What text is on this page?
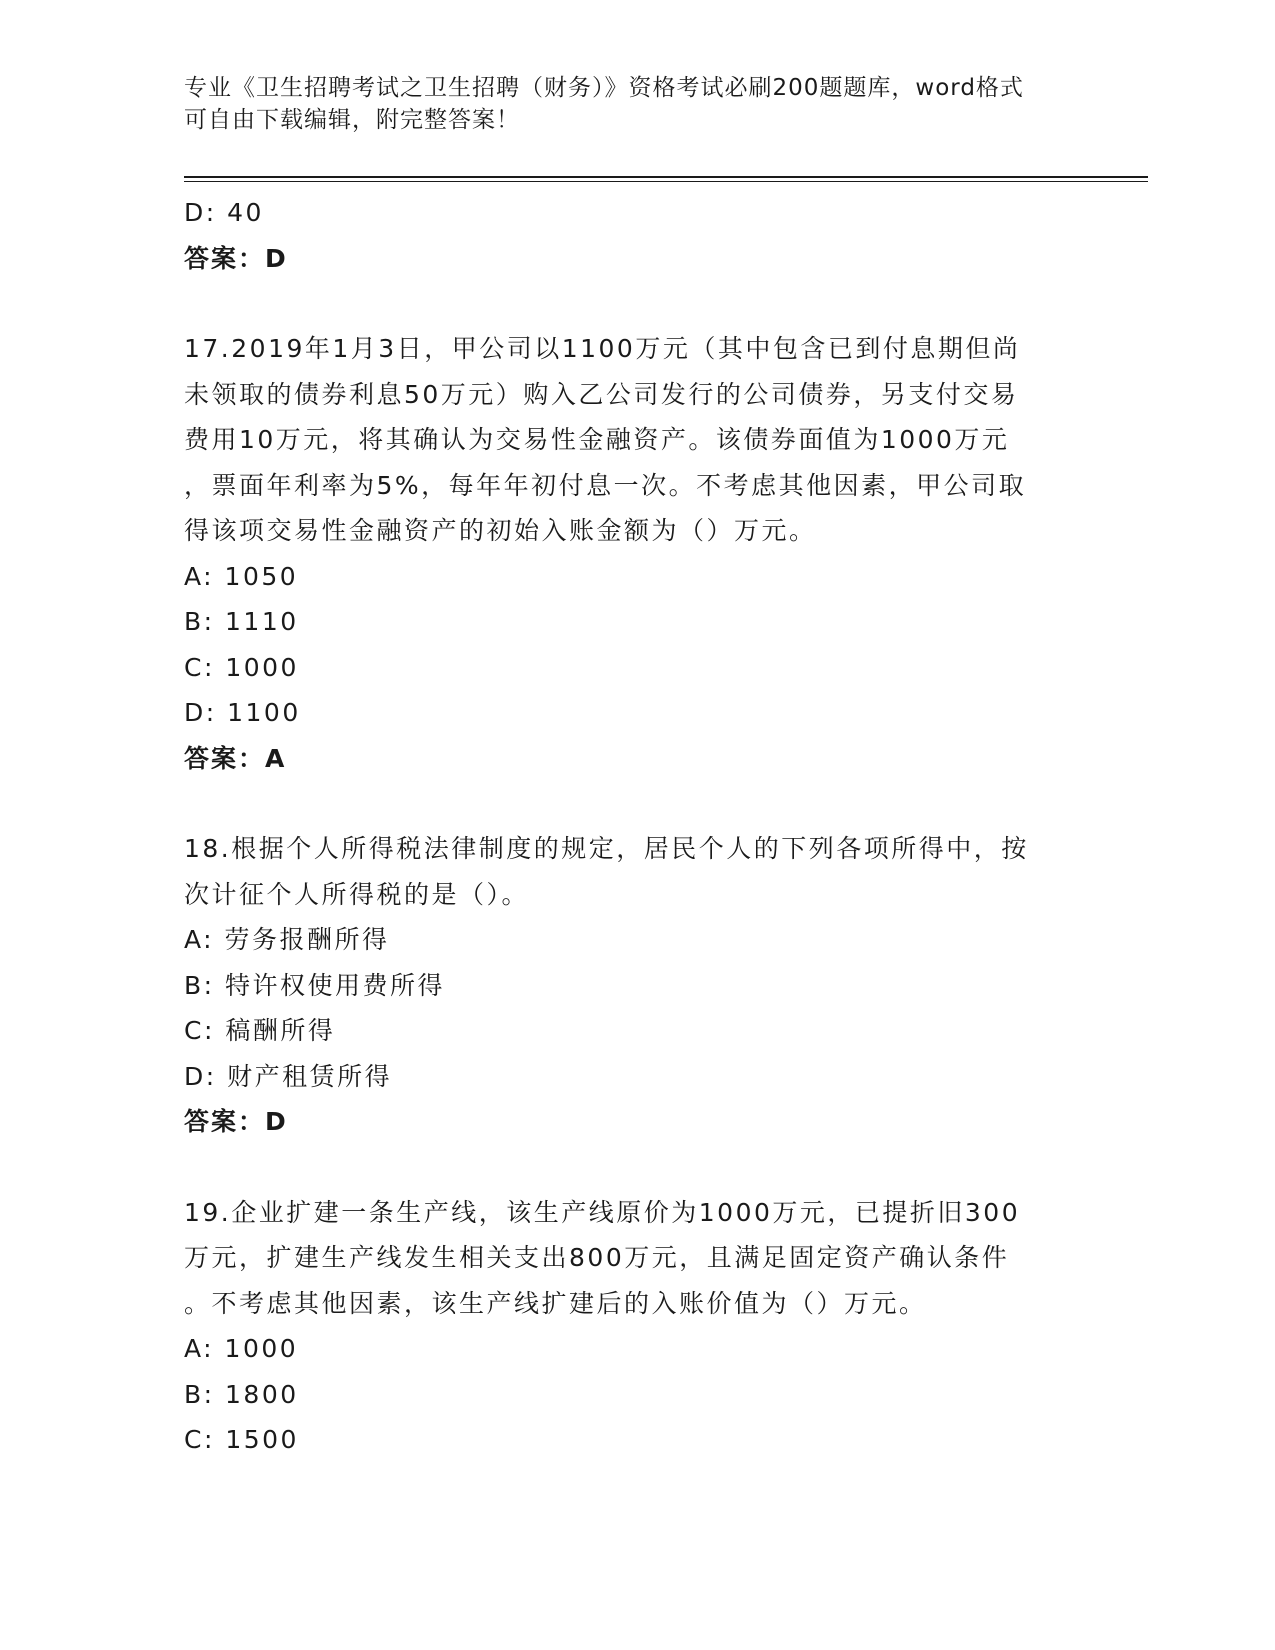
专业《卫生招聘考试之卫生招聘（财务）》资格考试必刷200题题库，word格式
可自由下载编辑，附完整答案！
D: 40
答案：D
17.2019年1月3日，甲公司以1100万元（其中包含已到付息期但尚
未领取的债券利息50万元）购入乙公司发行的公司债券，另支付交易
费用10万元，将其确认为交易性金融资产。该债券面值为1000万元
，票面年利率为5%，每年年初付息一次。不考虑其他因素，甲公司取
得该项交易性金融资产的初始入账金额为（）万元。
A: 1050
B: 1110
C: 1000
D: 1100
答案：A
18.根据个人所得税法律制度的规定，居民个人的下列各项所得中，按
次计征个人所得税的是（）。
A: 劳务报酬所得
B: 特许权使用费所得
C: 稿酬所得
D: 财产租赁所得
答案：D
19.企业扩建一条生产线，该生产线原价为1000万元，已提折旧300
万元，扩建生产线发生相关支出800万元，且满足固定资产确认条件
。不考虑其他因素，该生产线扩建后的入账价值为（）万元。
A: 1000
B: 1800
C: 1500
